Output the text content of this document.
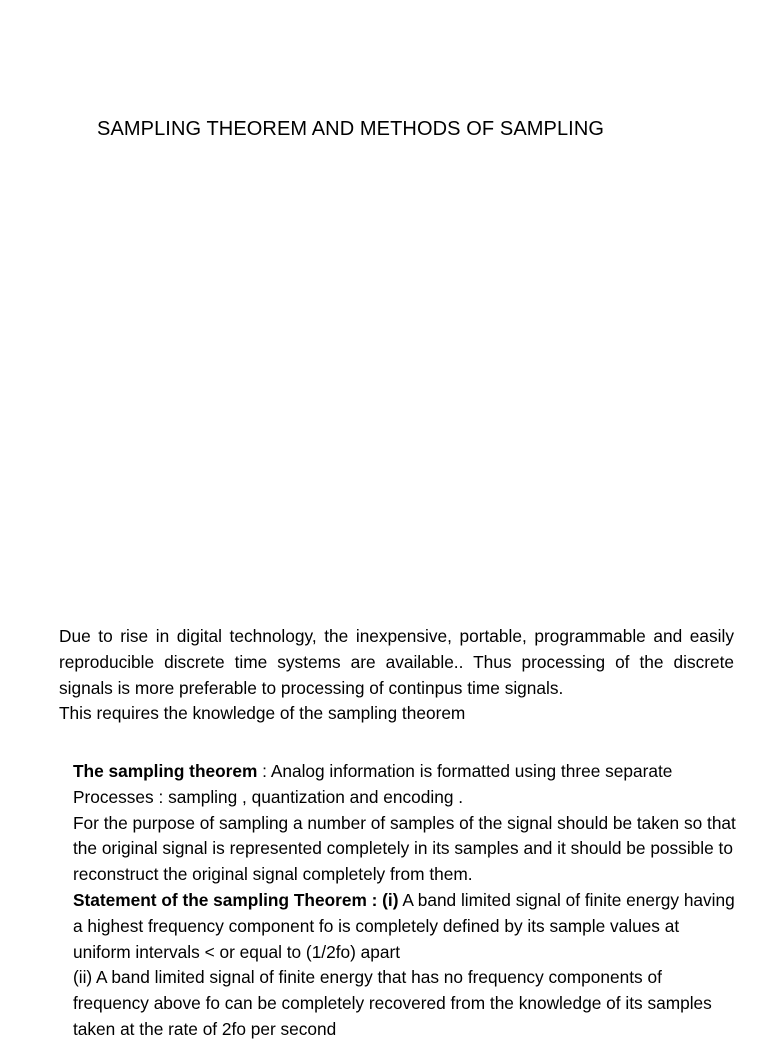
SAMPLING THEOREM AND METHODS OF SAMPLING

Due to rise in digital technology, the inexpensive, portable, programmable and easily reproducible discrete time systems are available.. Thus processing of the discrete signals is more preferable to processing of continpus time signals.

This requires the knowledge of the sampling theorem

The sampling theorem : Analog information is formatted using three separate Processes : sampling , quantization and encoding .

For the purpose of sampling a number of samples of the signal should be taken so that the original signal is represented completely in its samples and it should be possible to reconstruct the original signal completely from them.

Statement of the sampling Theorem : (i) A band limited signal of finite energy having a highest frequency component fo is completely defined by its sample values at uniform intervals < or equal to (1/2fo) apart

(ii) A band limited signal of finite energy that has no frequency components of frequency above fo can be completely recovered from the knowledge of its samples taken at the rate of 2fo per second
